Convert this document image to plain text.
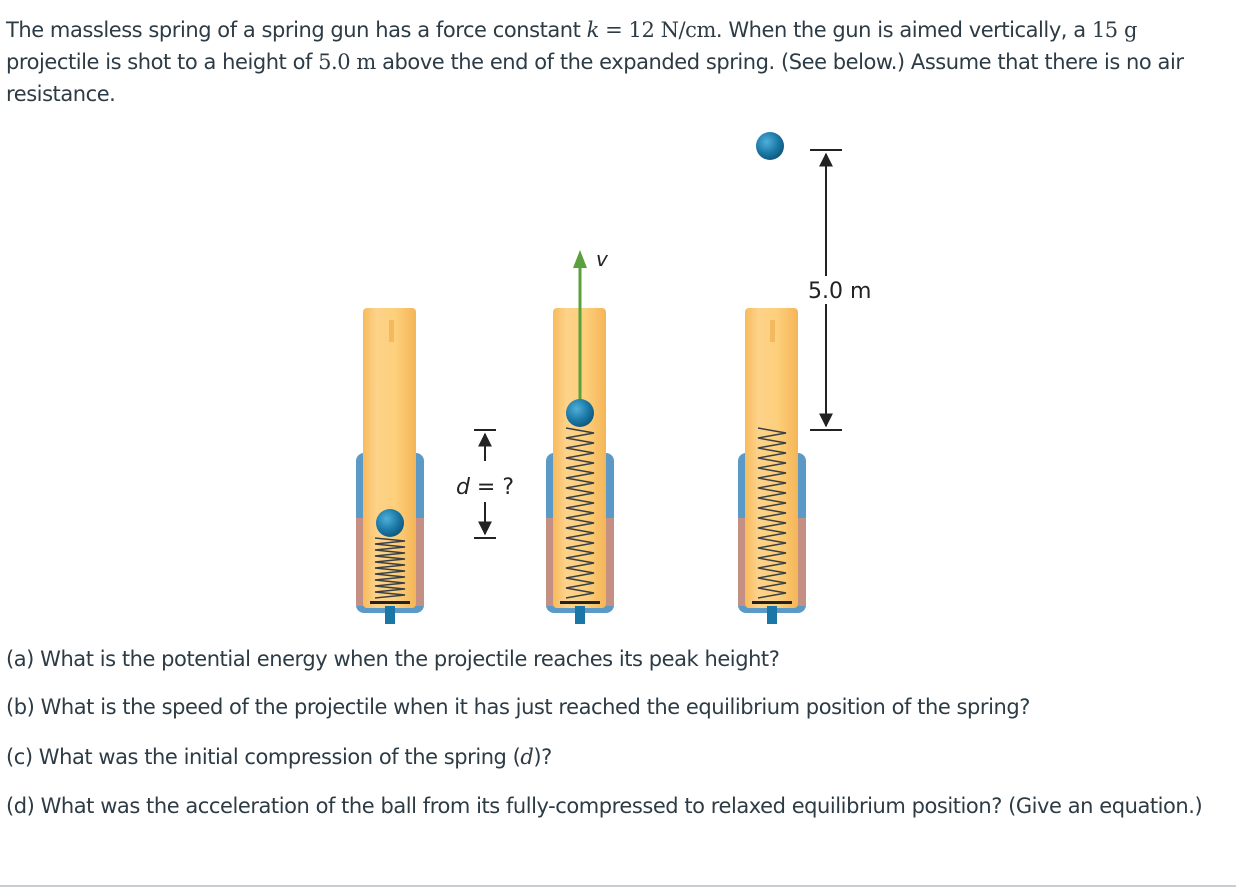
The massless spring of a spring gun has a force constant k = 12 N/cm. When the gun is aimed vertically, a 15 g projectile is shot to a height of 5.0 m above the end of the expanded spring. (See below.) Assume that there is no air resistance.

d = ?
v
5.0 m

(a) What is the potential energy when the projectile reaches its peak height?

(b) What is the speed of the projectile when it has just reached the equilibrium position of the spring?

(c) What was the initial compression of the spring (d)?

(d) What was the acceleration of the ball from its fully-compressed to relaxed equilibrium position? (Give an equation.)
